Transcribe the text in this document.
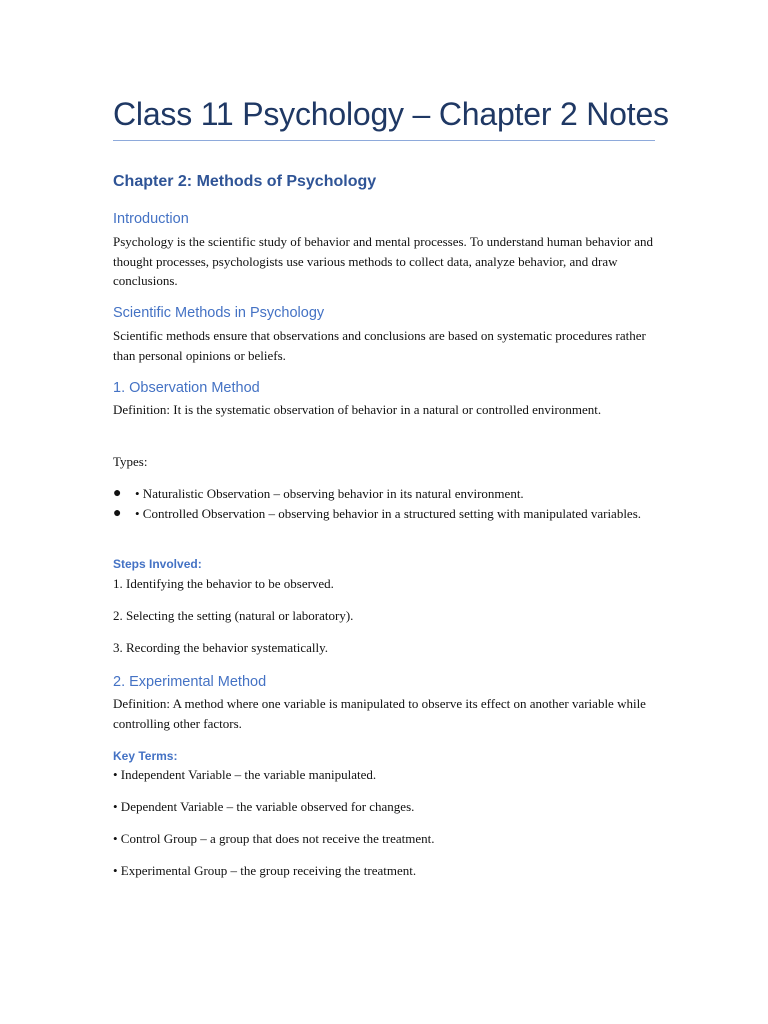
Class 11 Psychology – Chapter 2 Notes
Chapter 2: Methods of Psychology
Introduction
Psychology is the scientific study of behavior and mental processes. To understand human behavior and thought processes, psychologists use various methods to collect data, analyze behavior, and draw conclusions.
Scientific Methods in Psychology
Scientific methods ensure that observations and conclusions are based on systematic procedures rather than personal opinions or beliefs.
1. Observation Method
Definition: It is the systematic observation of behavior in a natural or controlled environment.
Types:
● • Naturalistic Observation – observing behavior in its natural environment.
● • Controlled Observation – observing behavior in a structured setting with manipulated variables.
Steps Involved:
1. Identifying the behavior to be observed.
2. Selecting the setting (natural or laboratory).
3. Recording the behavior systematically.
2. Experimental Method
Definition: A method where one variable is manipulated to observe its effect on another variable while controlling other factors.
Key Terms:
• Independent Variable – the variable manipulated.
• Dependent Variable – the variable observed for changes.
• Control Group – a group that does not receive the treatment.
• Experimental Group – the group receiving the treatment.
